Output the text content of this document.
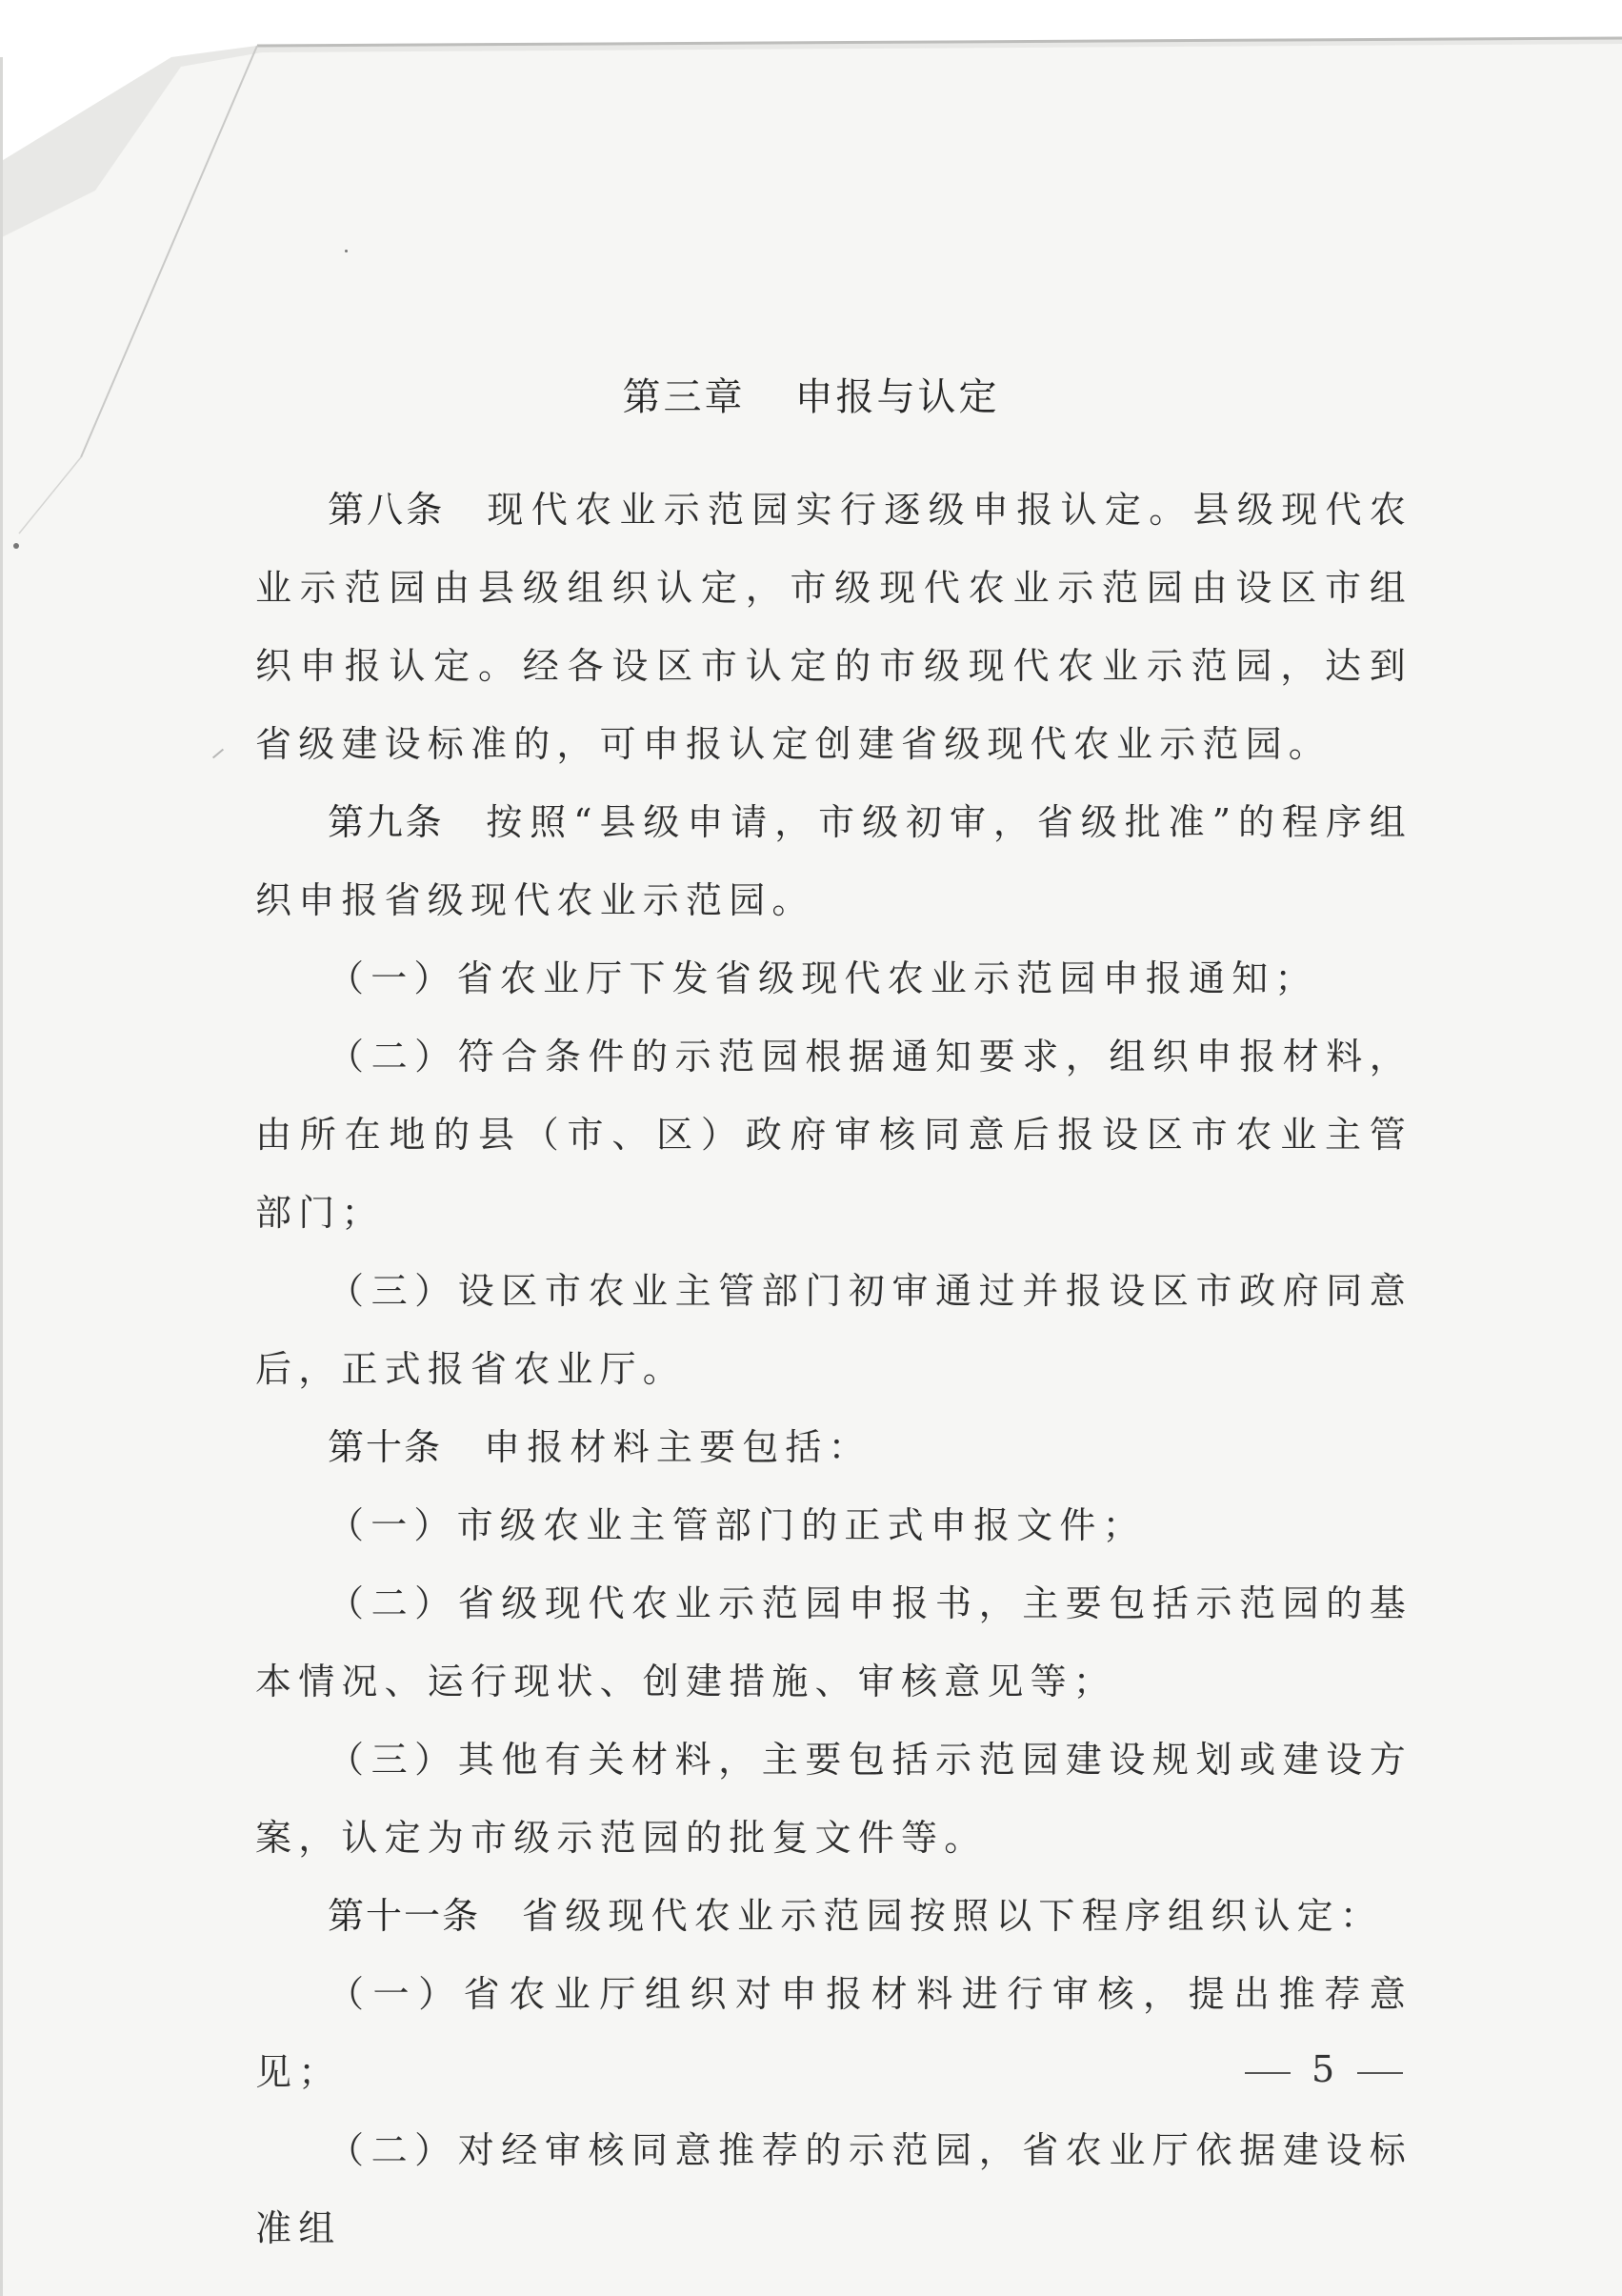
第三章 申报与认定

第八条 现代农业示范园实行逐级申报认定。县级现代农业示范园由县级组织认定，市级现代农业示范园由设区市组织申报认定。经各设区市认定的市级现代农业示范园，达到省级建设标准的，可申报认定创建省级现代农业示范园。

第九条 按照“县级申请，市级初审，省级批准”的程序组织申报省级现代农业示范园。

（一）省农业厅下发省级现代农业示范园申报通知；

（二）符合条件的示范园根据通知要求，组织申报材料，由所在地的县（市、区）政府审核同意后报设区市农业主管部门；

（三）设区市农业主管部门初审通过并报设区市政府同意后，正式报省农业厅。

第十条 申报材料主要包括：

（一）市级农业主管部门的正式申报文件；

（二）省级现代农业示范园申报书，主要包括示范园的基本情况、运行现状、创建措施、审核意见等；

（三）其他有关材料，主要包括示范园建设规划或建设方案，认定为市级示范园的批复文件等。

第十一条 省级现代农业示范园按照以下程序组织认定：

（一）省农业厅组织对申报材料进行审核，提出推荐意见；

（二）对经审核同意推荐的示范园，省农业厅依据建设标准组

5
